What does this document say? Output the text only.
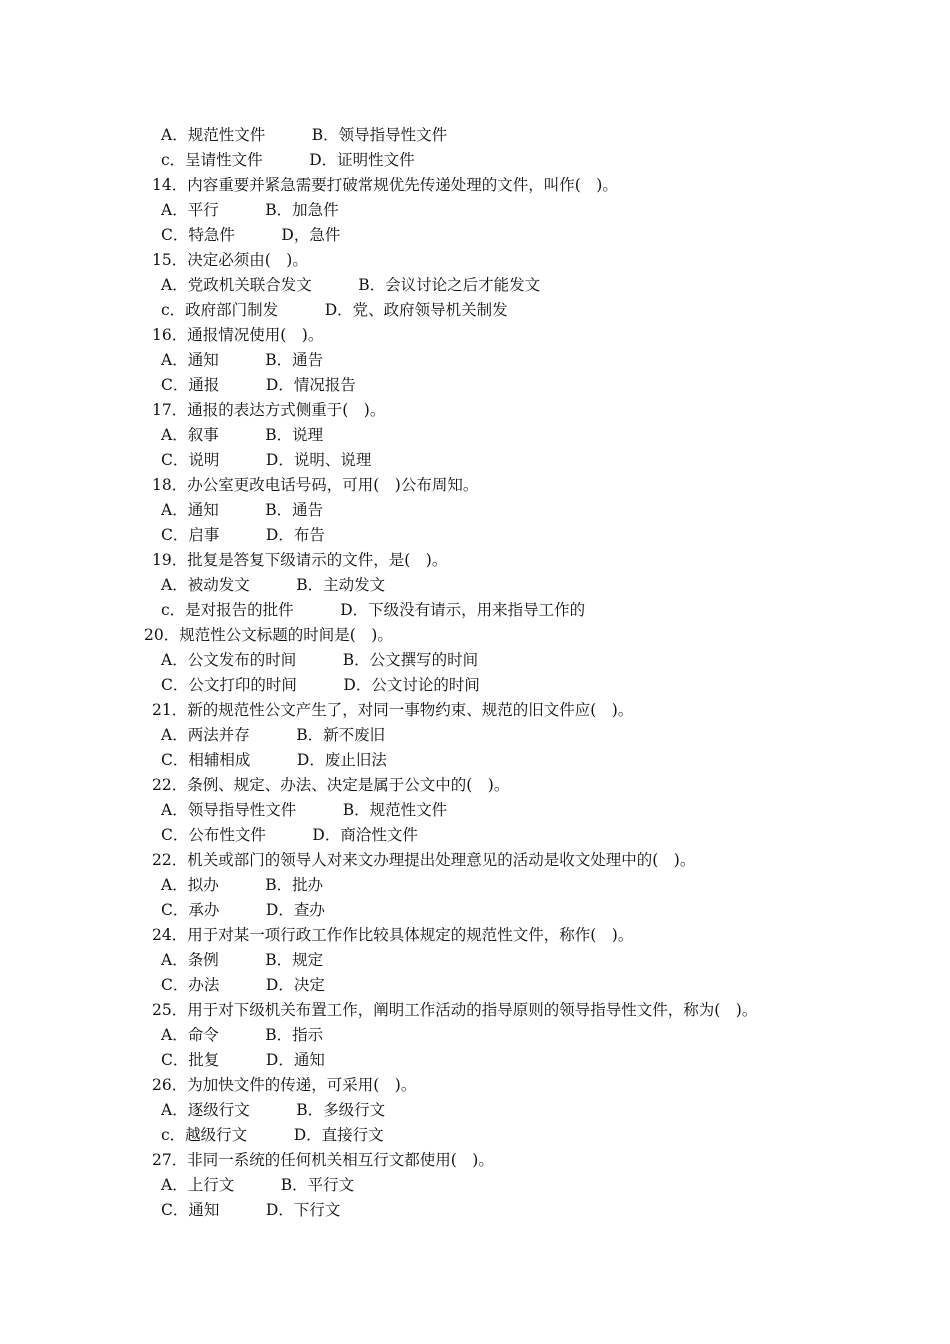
A．规范性文件　　　	B．领导指导性文件
c．呈请性文件　　　	D．证明性文件
14．内容重要并紧急需要打破常规优先传递处理的文件，叫作(　)。
A．平行　　　	B．加急件
C．特急件　　　	D，急件
15．决定必须由(　)。
A．党政机关联合发文　　　	B．会议讨论之后才能发文
c．政府部门制发　　　	D．党、政府领导机关制发
16．通报情况使用(　)。
A．通知　　　	B．通告
C．通报　　　	D．情况报告
17．通报的表达方式侧重于(　)。
A．叙事　　　	B．说理
C．说明　　　	D．说明、说理
18．办公室更改电话号码，可用(　)公布周知。
A．通知　　　	B．通告
C．启事　　　	D．布告
19．批复是答复下级请示的文件，是(　)。
A．被动发文　　　	B．主动发文
c．是对报告的批件　　　	D．下级没有请示，用来指导工作的
20．规范性公文标题的时间是(　)。
A．公文发布的时间　　　	B．公文撰写的时间
C．公文打印的时间　　　	D．公文讨论的时间
21．新的规范性公文产生了，对同一事物约束、规范的旧文件应(　)。
A．两法并存　　　	B．新不废旧
C．相辅相成　　　	D．废止旧法
22．条例、规定、办法、决定是属于公文中的(　)。
A．领导指导性文件　　　	B．规范性文件
C．公布性文件　　　	D．商洽性文件
22．机关或部门的领导人对来文办理提出处理意见的活动是收文处理中的(　)。
A．拟办　　　	B．批办
C．承办　　　	D．查办
24．用于对某一项行政工作作比较具体规定的规范性文件，称作(　)。
A．条例　　　	B．规定
C．办法　　　	D．决定
25．用于对下级机关布置工作，阐明工作活动的指导原则的领导指导性文件，称为(　)。
A．命令　　　	B．指示
C．批复　　　	D．通知
26．为加快文件的传递，可采用(　)。
A．逐级行文　　　	B．多级行文
c．越级行文　　　	D．直接行文
27．非同一系统的任何机关相互行文都使用(　)。
A．上行文　　　	B．平行文
C．通知　　　	D．下行文
